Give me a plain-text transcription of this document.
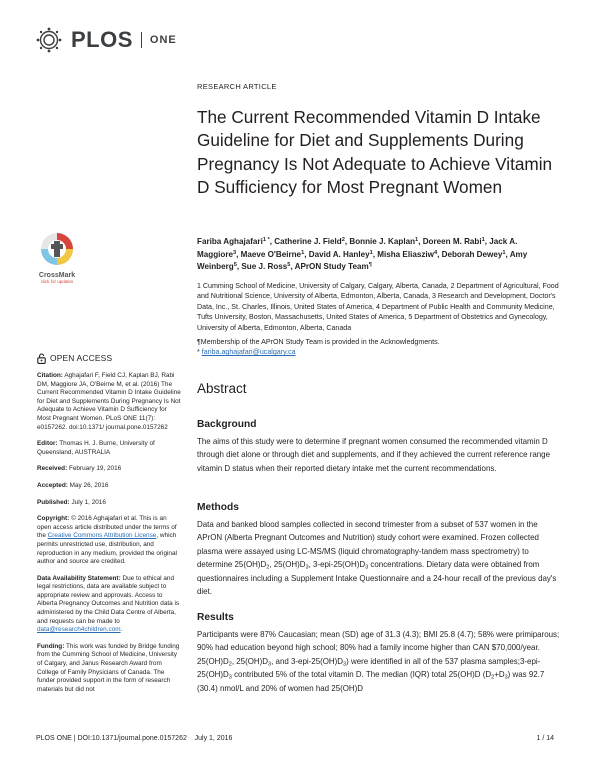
PLOS ONE
CrossMark
click for updates
OPEN ACCESS
Citation: Aghajafari F, Field CJ, Kaplan BJ, Rabi DM, Maggiore JA, O'Beirne M, et al. (2016) The Current Recommended Vitamin D Intake Guideline for Diet and Supplements During Pregnancy Is Not Adequate to Achieve Vitamin D Sufficiency for Most Pregnant Women. PLoS ONE 11(7): e0157262. doi:10.1371/ journal.pone.0157262
Editor: Thomas H. J. Burne, University of Queensland, AUSTRALIA
Received: February 19, 2016
Accepted: May 26, 2016
Published: July 1, 2016
Copyright: © 2016 Aghajafari et al. This is an open access article distributed under the terms of the Creative Commons Attribution License, which permits unrestricted use, distribution, and reproduction in any medium, provided the original author and source are credited.
Data Availability Statement: Due to ethical and legal restrictions, data are available subject to appropriate review and approvals. Access to Alberta Pregnancy Outcomes and Nutrition data is administered by the Child Data Centre of Alberta, and requests can be made to data@research4children.com.
Funding: This work was funded by Bridge funding from the Cumming School of Medicine, University of Calgary, and Janus Research Award from College of Family Physicians of Canada. The funder provided support in the form of research materials but did not
RESEARCH ARTICLE
The Current Recommended Vitamin D Intake Guideline for Diet and Supplements During Pregnancy Is Not Adequate to Achieve Vitamin D Sufficiency for Most Pregnant Women
Fariba Aghajafari$^{1 *}$, Catherine J. Field$^2$, Bonnie J. Kaplan$^1$, Doreen M. Rabi$^1$, Jack A. Maggiore$^3$, Maeve O'Beirne$^1$, David A. Hanley$^1$, Misha Eliasziw$^4$, Deborah Dewey$^1$, Amy Weinberg$^5$, Sue J. Ross$^5$, APrON Study Team¶
1 Cumming School of Medicine, University of Calgary, Calgary, Alberta, Canada, 2 Department of Agricultural, Food and Nutritional Science, University of Alberta, Edmonton, Alberta, Canada, 3 Research and Development, Doctor's Data, Inc., St. Charles, Illinois, United States of America, 4 Department of Public Health and Community Medicine, Tufts University, Boston, Massachusetts, United States of America, 5 Department of Obstetrics and Gynecology, University of Alberta, Edmonton, Alberta, Canada
¶Membership of the APrON Study Team is provided in the Acknowledgments.
* fariba.aghajafari@ucalgary.ca
Abstract
Background
The aims of this study were to determine if pregnant women consumed the recommended vitamin D through diet alone or through diet and supplements, and if they achieved the current reference range vitamin D status when their reported dietary intake met the current recommendations.
Methods
Data and banked blood samples collected in second trimester from a subset of 537 women in the APrON (Alberta Pregnant Outcomes and Nutrition) study cohort were examined. Frozen collected plasma were assayed using LC-MS/MS (liquid chromatography-tandem mass spectrometry) to determine $25(OH)D_2$, $25(OH)D_3$, $3-epi-25(OH)D_3$ concentrations. Dietary data were obtained from questionnaires including a Supplement Intake Questionnaire and a 24-hour recall of the previous day's diet.
Results
Participants were 87% Caucasian; mean (SD) age of 31.3 (4.3); BMI 25.8 (4.7); 58% were primiparous; 90% had education beyond high school; 80% had a family income higher than CAN $70,000/year. $25(OH)D_2$, $25(OH)D_3$, and $3-epi-25(OH)D_3$) were identified in all of the 537 plasma $samples;3-epi-25(OH)D_3$ contributed 5% of the total vitamin D. The median (IQR) total 25(OH)D $(D_2+D_3)$ was 92.7 (30.4) nmol/L and 20% of women had 25(OH)D
PLOS ONE | DOI:10.1371/journal.pone.0157262    July 1, 2016	1 / 14
